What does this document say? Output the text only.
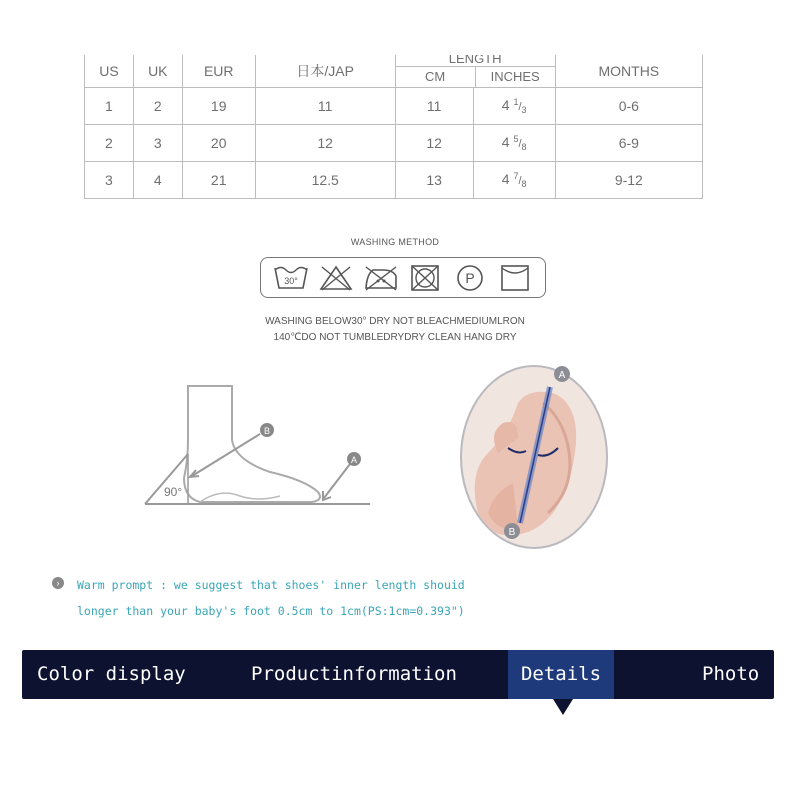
US	UK	EUR	日本/JAP	LENGTH
CM INCHES		MONTHS
1	2	19	11	11	4 $^1/_3$	0-6
2	3	20	12	12	4 $^5/_8$	6-9
3	4	21	12.5	13	4 $^7/_8$	9-12
WASHING METHOD
30°	P
WASHING BELOW30° DRY NOT BLEACHMEDIUMLRON
140℃DO NOT TUMBLEDRYDRY CLEAN HANG DRY
90°
B
A
A
B
›	Warm prompt : we suggest that shoes' inner length shouid
longer than your baby's foot 0.5cm to 1cm(PS:1cm=0.393")
Color display	Productinformation	Details	Photo
